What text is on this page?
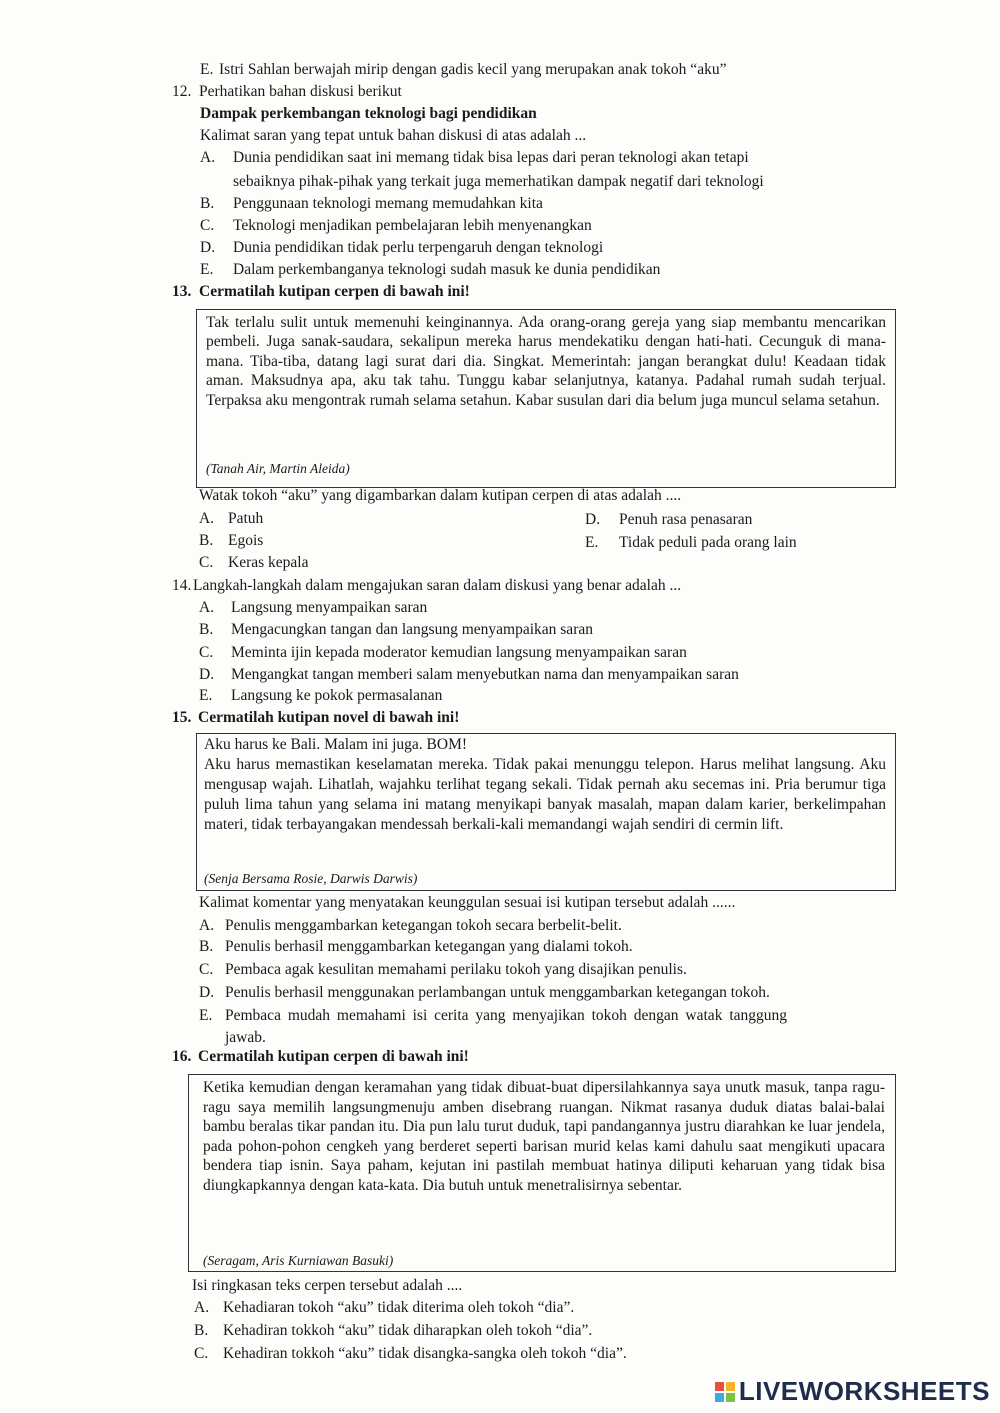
E. Istri Sahlan berwajah mirip dengan gadis kecil yang merupakan anak tokoh “aku”
12. Perhatikan bahan diskusi berikut
Dampak perkembangan teknologi bagi pendidikan
Kalimat saran yang tepat untuk bahan diskusi di atas adalah ...
A. Dunia pendidikan saat ini memang tidak bisa lepas dari peran teknologi akan tetapi
sebaiknya pihak-pihak yang terkait juga memerhatikan dampak negatif dari teknologi
B. Penggunaan teknologi memang memudahkan kita
C. Teknologi menjadikan pembelajaran lebih menyenangkan
D. Dunia pendidikan tidak perlu terpengaruh dengan teknologi
E. Dalam perkembanganya teknologi sudah masuk ke dunia pendidikan
13. Cermatilah kutipan cerpen di bawah ini!

Tak terlalu sulit untuk memenuhi keinginannya. Ada orang-orang gereja yang siap membantu mencarikan pembeli. Juga sanak-saudara, sekalipun mereka harus mendekatiku dengan hati-hati. Cecunguk di mana-mana. Tiba-tiba, datang lagi surat dari dia. Singkat. Memerintah: jangan berangkat dulu! Keadaan tidak aman. Maksudnya apa, aku tak tahu. Tunggu kabar selanjutnya, katanya. Padahal rumah sudah terjual. Terpaksa aku mengontrak rumah selama setahun. Kabar susulan dari dia belum juga muncul selama setahun.

(Tanah Air, Martin Aleida)
Watak tokoh “aku” yang digambarkan dalam kutipan cerpen di atas adalah ....
A. Patuh
B. Egois
C. Keras kepala
D. Penuh rasa penasaran
E. Tidak peduli pada orang lain
14. Langkah-langkah dalam mengajukan saran dalam diskusi yang benar adalah ...
A. Langsung menyampaikan saran
B. Mengacungkan tangan dan langsung menyampaikan saran
C. Meminta ijin kepada moderator kemudian langsung menyampaikan saran
D. Mengangkat tangan memberi salam menyebutkan nama dan menyampaikan saran
E. Langsung ke pokok permasalanan
15. Cermatilah kutipan novel di bawah ini!
Aku harus ke Bali. Malam ini juga. BOM!

Aku harus memastikan keselamatan mereka. Tidak pakai menunggu telepon. Harus melihat langsung. Aku mengusap wajah. Lihatlah, wajahku terlihat tegang sekali. Tidak pernah aku secemas ini. Pria berumur tiga puluh lima tahun yang selama ini matang menyikapi banyak masalah, mapan dalam karier, berkelimpahan materi, tidak terbayangakan mendessah berkali-kali memandangi wajah sendiri di cermin lift.

(Senja Bersama Rosie, Darwis Darwis)
Kalimat komentar yang menyatakan keunggulan sesuai isi kutipan tersebut adalah ......
A. Penulis menggambarkan ketegangan tokoh secara berbelit-belit.
B. Penulis berhasil menggambarkan ketegangan yang dialami tokoh.
C. Pembaca agak kesulitan memahami perilaku tokoh yang disajikan penulis.
D. Penulis berhasil menggunakan perlambangan untuk menggambarkan ketegangan tokoh.
E. Pembaca mudah memahami isi cerita yang menyajikan tokoh dengan watak tanggung
jawab.
16. Cermatilah kutipan cerpen di bawah ini!

Ketika kemudian dengan keramahan yang tidak dibuat-buat dipersilahkannya saya unutk masuk, tanpa ragu-ragu saya memilih langsungmenuju amben disebrang ruangan. Nikmat rasanya duduk diatas balai-balai bambu beralas tikar pandan itu. Dia pun lalu turut duduk, tapi pandangannya justru diarahkan ke luar jendela, pada pohon-pohon cengkeh yang berderet seperti barisan murid kelas kami dahulu saat mengikuti upacara bendera tiap isnin. Saya paham, kejutan ini pastilah membuat hatinya diliputi keharuan yang tidak bisa diungkapkannya dengan kata-kata. Dia butuh untuk menetralisirnya sebentar.

(Seragam, Aris Kurniawan Basuki)
Isi ringkasan teks cerpen tersebut adalah ....
A. Kehadiaran tokoh “aku” tidak diterima oleh tokoh “dia”.
B. Kehadiran tokkoh “aku” tidak diharapkan oleh tokoh “dia”.
C. Kehadiran tokkoh “aku” tidak disangka-sangka oleh tokoh “dia”.
LIVEWORKSHEETS
